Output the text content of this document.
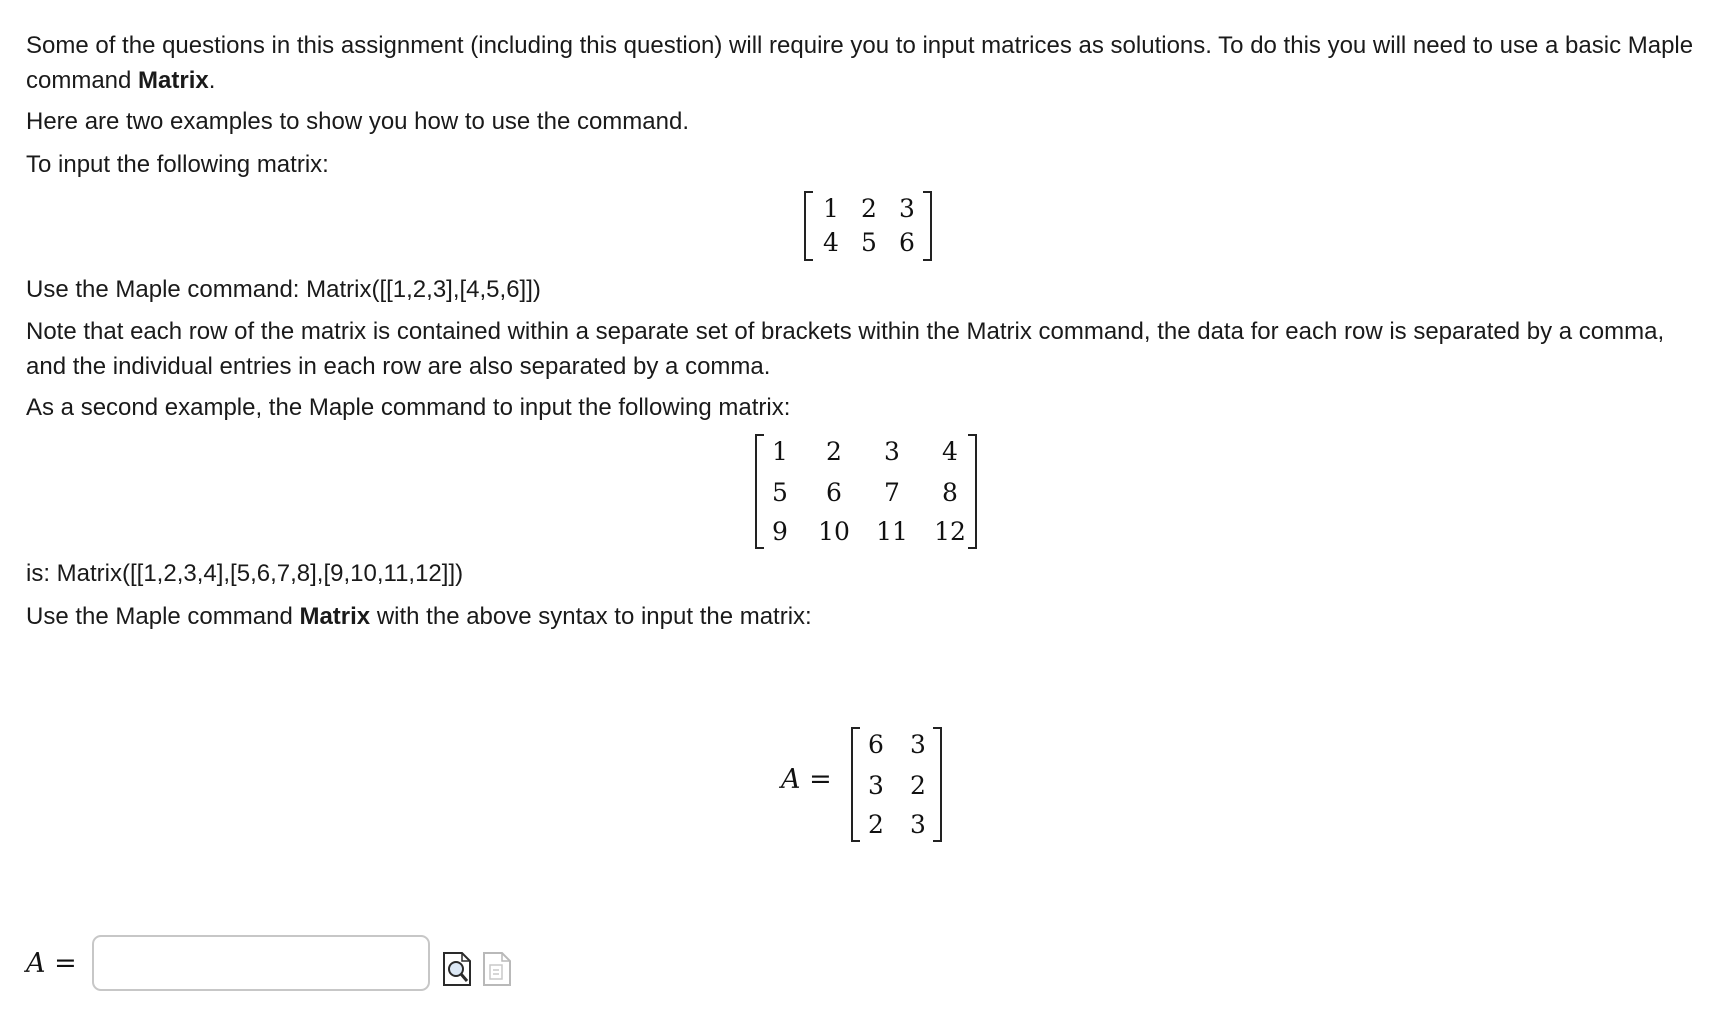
Some of the questions in this assignment (including this question) will require you to input matrices as solutions. To do this you will need to use a basic Maple command Matrix.

Here are two examples to show you how to use the command.

To input the following matrix:

1 2 3
4 5 6

Use the Maple command: Matrix([[1,2,3],[4,5,6]])

Note that each row of the matrix is contained within a separate set of brackets within the Matrix command, the data for each row is separated by a comma, and the individual entries in each row are also separated by a comma.

As a second example, the Maple command to input the following matrix:

1	2	3	4
5	6	7	8
9 10 11 12

is: Matrix([[1,2,3,4],[5,6,7,8],[9,10,11,12]])

Use the Maple command Matrix with the above syntax to input the matrix:

A =
6 3
3 2
2 3
A =
